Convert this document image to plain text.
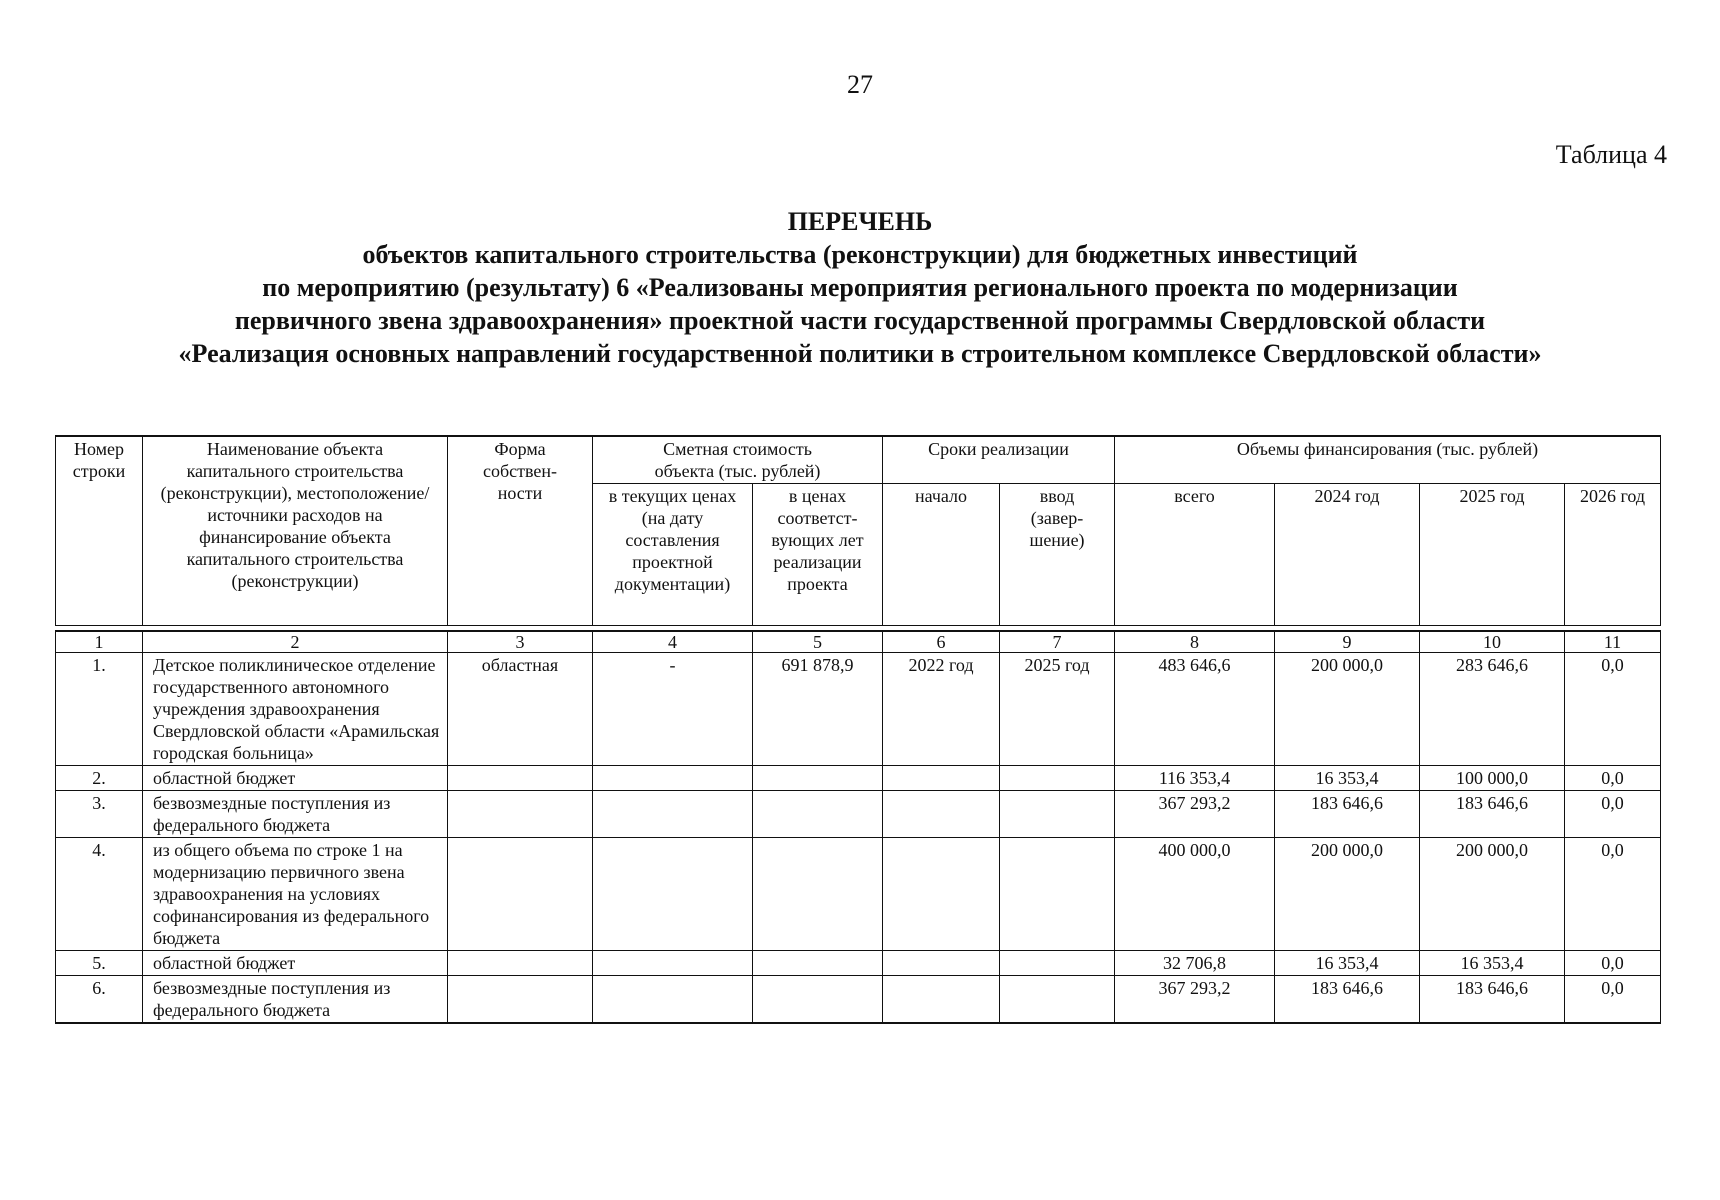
27
Таблица 4
ПЕРЕЧЕНЬ
объектов капитального строительства (реконструкции) для бюджетных инвестиций
по мероприятию (результату) 6 «Реализованы мероприятия регионального проекта по модернизации
первичного звена здравоохранения» проектной части государственной программы Свердловской области
«Реализация основных направлений государственной политики в строительном комплексе Свердловской области»
Номер строки	Наименование объекта капитального строительства (реконструкции), местоположение/ источники расходов на финансирование объекта капитального строительства (реконструкции)	Форма собствен-ности	Сметная стоимость объекта (тыс. рублей)		Сроки реализации		Объемы финансирования (тыс. рублей)			
			в текущих ценах (на дату составления проектной документации)	в ценах соответст-вующих лет реализации проекта	начало	ввод (завер-шение)	всего	2024 год	2025 год	2026 год

1	2	3	4	5	6	7	8	9	10	11
1.	Детское поликлиническое отделение государственного автономного учреждения здравоохранения Свердловской области «Арамильская городская больница»	областная	-	691 878,9	2022 год	2025 год	483 646,6	200 000,0	283 646,6	0,0
2.	областной бюджет						116 353,4	16 353,4	100 000,0	0,0
3.	безвозмездные поступления из федерального бюджета						367 293,2	183 646,6	183 646,6	0,0
4.	из общего объема по строке 1 на модернизацию первичного звена здравоохранения на условиях софинансирования из федерального бюджета						400 000,0	200 000,0	200 000,0	0,0
5.	областной бюджет						32 706,8	16 353,4	16 353,4	0,0
6.	безвозмездные поступления из федерального бюджета						367 293,2	183 646,6	183 646,6	0,0
